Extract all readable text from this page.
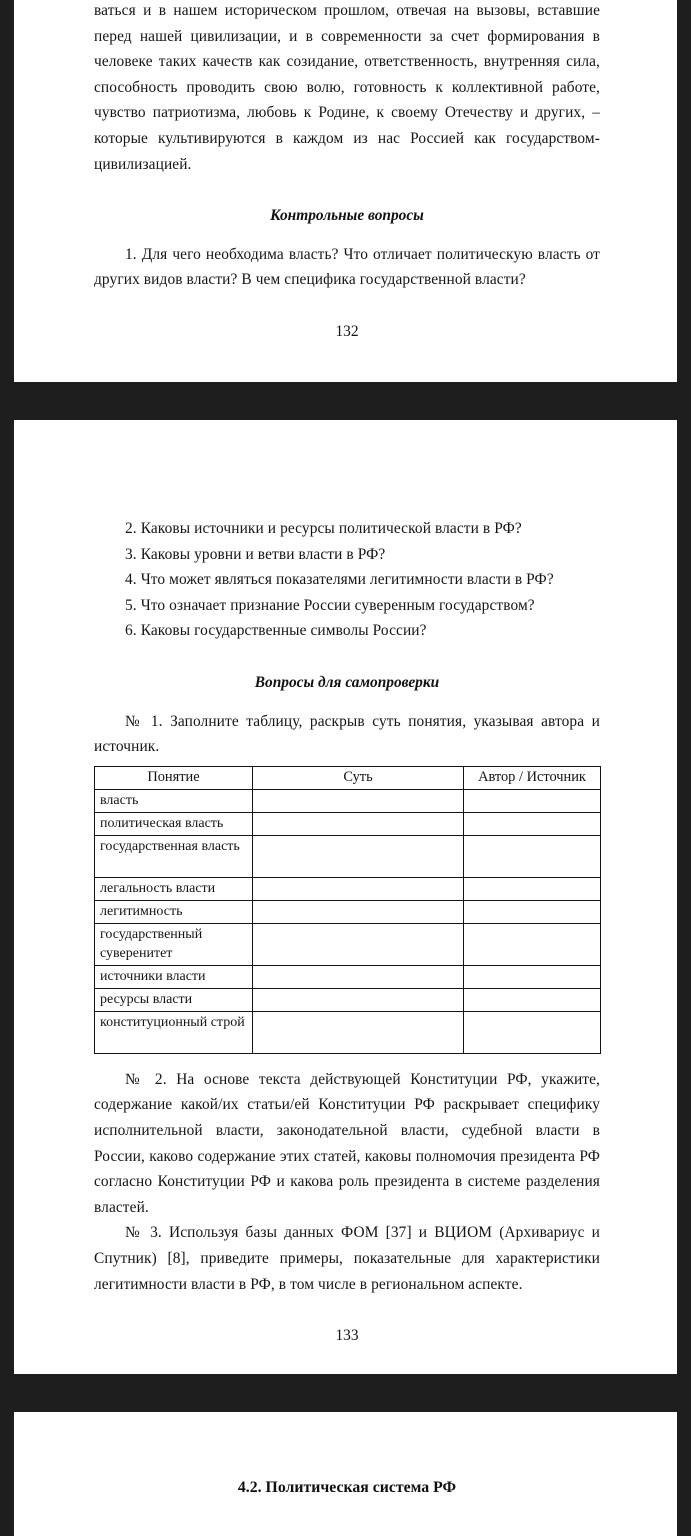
ваться и в нашем историческом прошлом, отвечая на вызовы, вставшие перед нашей цивилизации, и в современности за счет формирования в человеке таких качеств как созидание, ответственность, внутренняя сила, способность проводить свою волю, готовность к коллективной работе, чувство патриотизма, любовь к Родине, к своему Отечеству и других, – которые культивируются в каждом из нас Россией как государством-цивилизацией.

Контрольные вопросы

1. Для чего необходима власть? Что отличает политическую власть от других видов власти? В чем специфика государственной власти?

132

2. Каковы источники и ресурсы политической власти в РФ?

3. Каковы уровни и ветви власти в РФ?

4. Что может являться показателями легитимности власти в РФ?

5. Что означает признание России суверенным государством?

6. Каковы государственные символы России?

Вопросы для самопроверки

№ 1. Заполните таблицу, раскрыв суть понятия, указывая автора и источник.

Понятие	Суть	Автор / Источник
власть		
политическая власть		
государственная власть		
легальность власти		
легитимность		
государственный суверенитет		
источники власти		
ресурсы власти		
конституционный строй		

№ 2. На основе текста действующей Конституции РФ, укажите, содержание какой/их статьи/ей Конституции РФ раскрывает специфику исполнительной власти, законодательной власти, судебной власти в России, каково содержание этих статей, каковы полномочия президента РФ согласно Конституции РФ и какова роль президента в системе разделения властей.

№ 3. Используя базы данных ФОМ [37] и ВЦИОМ (Архивариус и Спутник) [8], приведите примеры, показательные для характеристики легитимности власти в РФ, в том числе в региональном аспекте.

133

4.2. Политическая система РФ
